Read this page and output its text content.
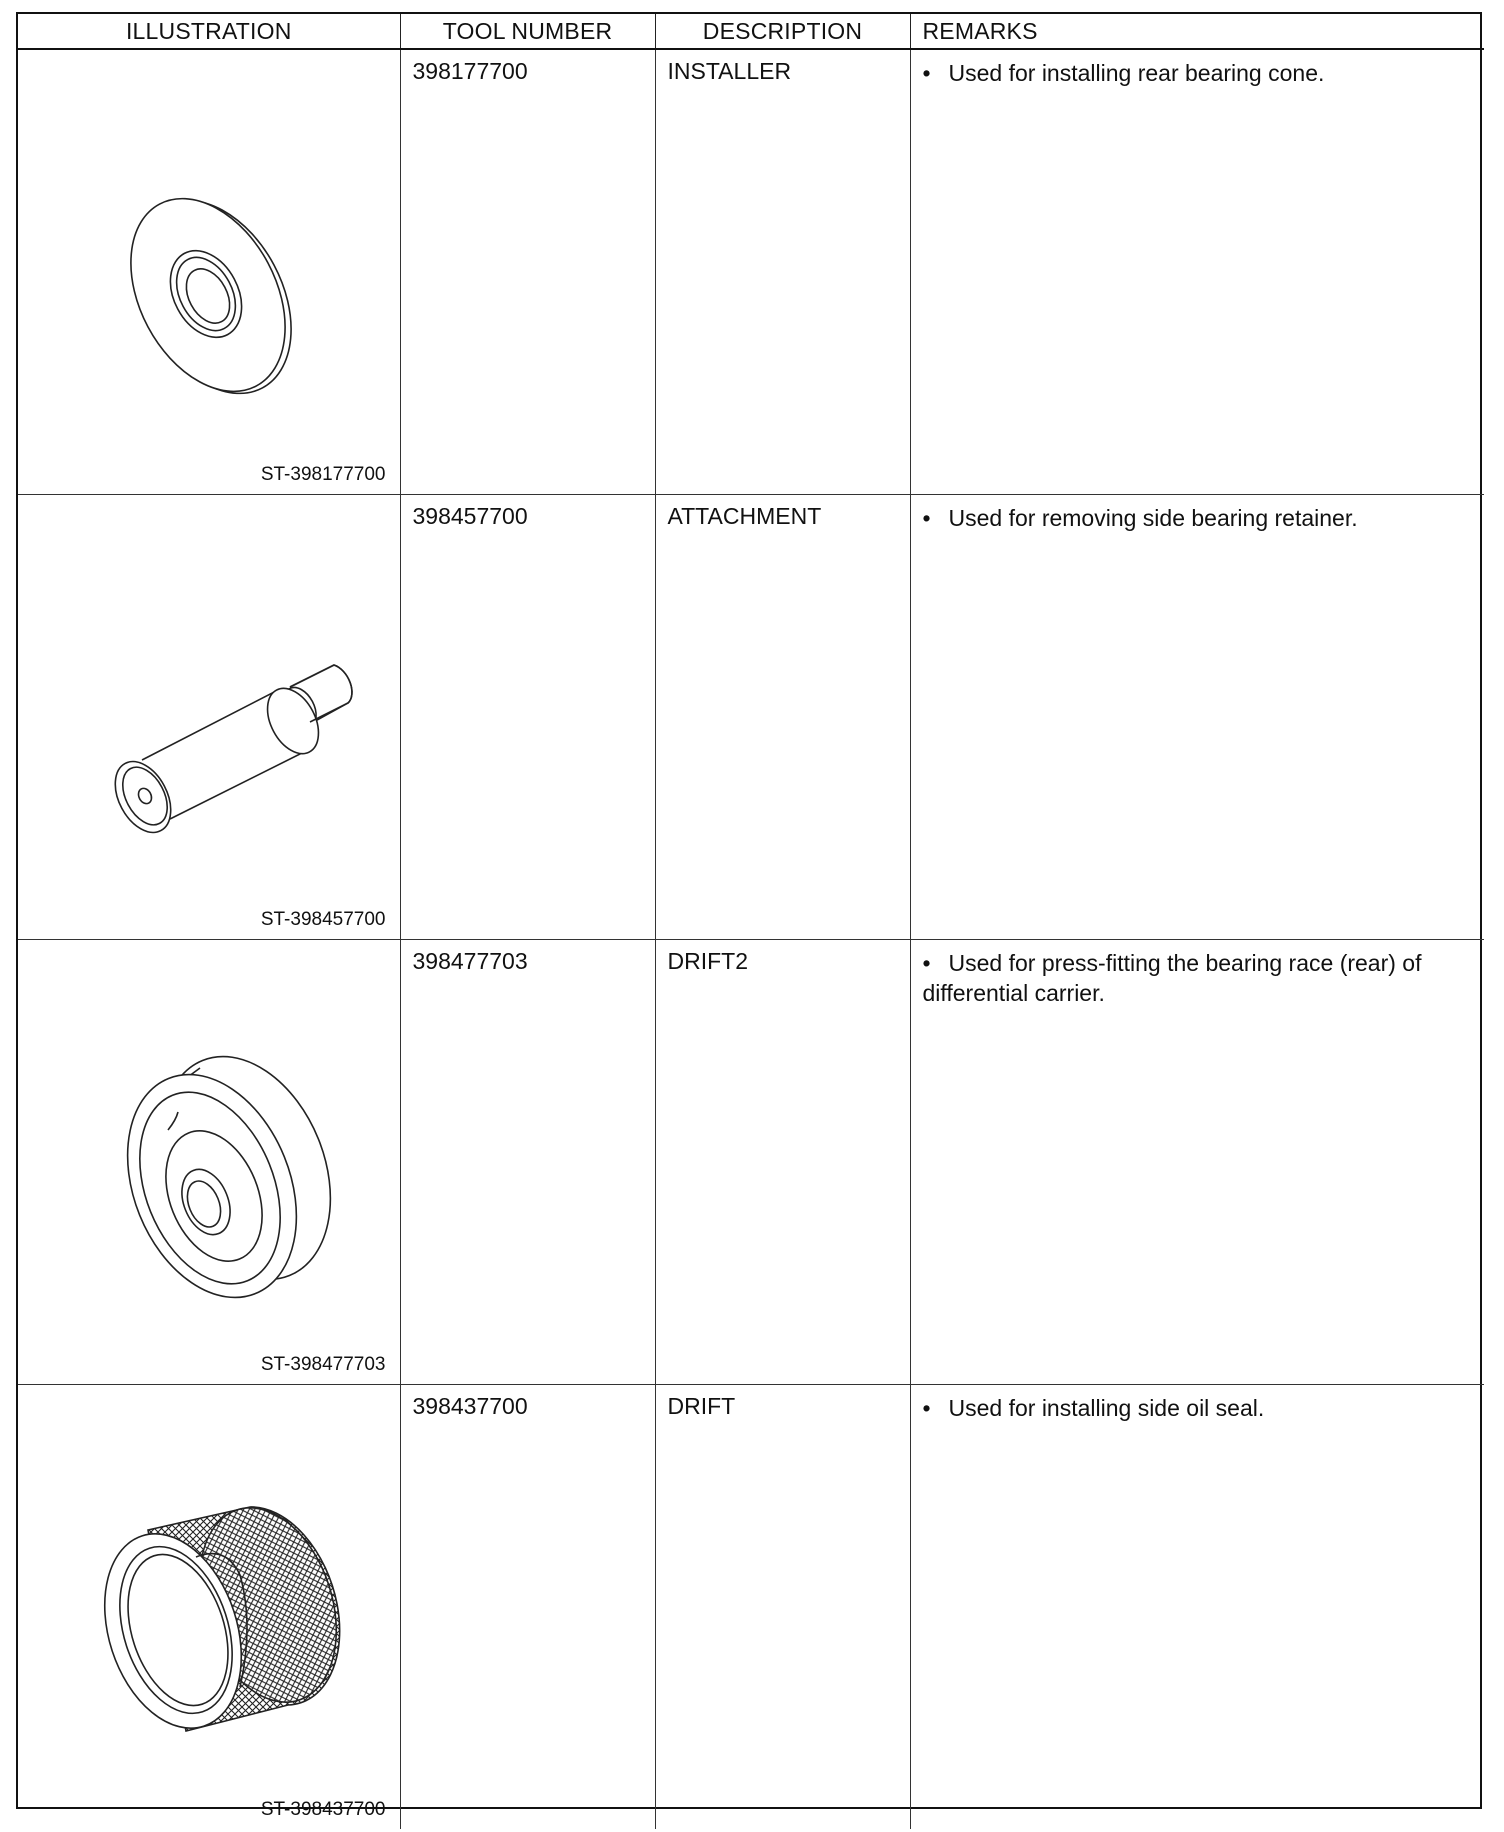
ILLUSTRATION	TOOL NUMBER	DESCRIPTION	REMARKS

ST-398177700	398177700	INSTALLER	• Used for installing rear bearing cone.

ST-398457700	398457700	ATTACHMENT	• Used for removing side bearing retainer.

ST-398477703	398477703	DRIFT2	• Used for press-fitting the bearing race (rear) of differential carrier.

ST-398437700	398437700	DRIFT	• Used for installing side oil seal.
